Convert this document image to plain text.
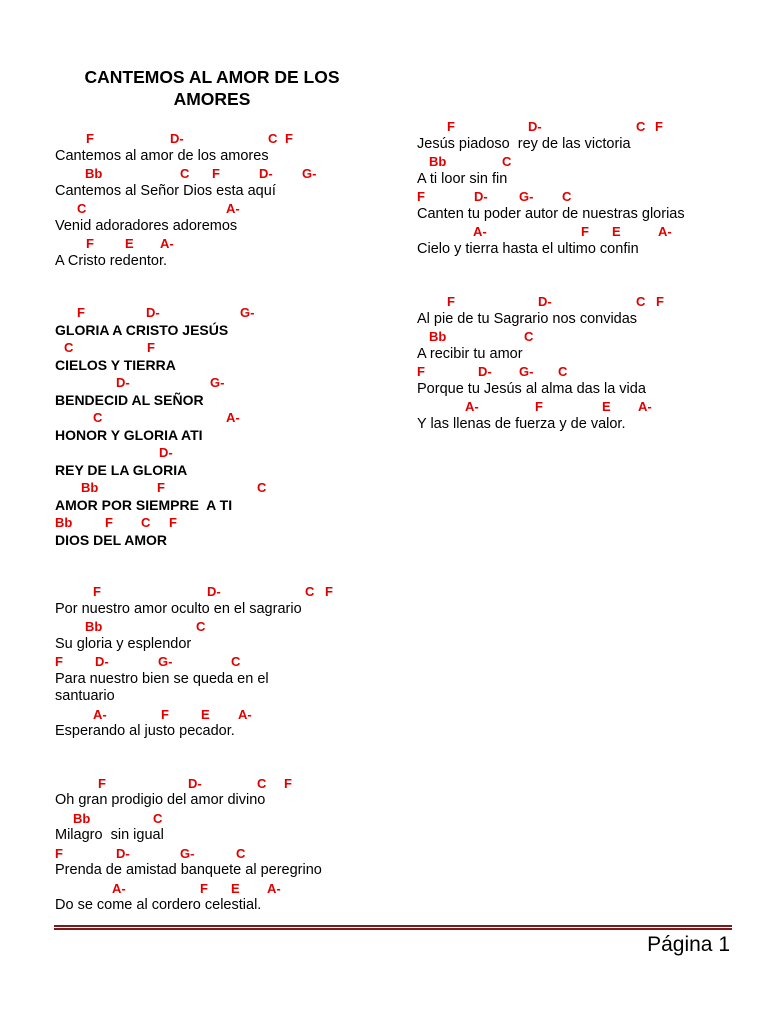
CANTEMOS AL AMOR DE LOS AMORES

F

	D-

	C

F

Cantemos al amor de los amores

Bb

	C

F

	D-

G-

Cantemos al Señor Dios esta aquí

C

	A-

Venid adoradores adoremos

F

E

A-

A Cristo redentor.

F

	D-

	G-

GLORIA A CRISTO JESÚS

C

	F

CIELOS Y TIERRA

D-

	G-

BENDECID AL SEÑOR

C

	A-

HONOR Y GLORIA ATI

D-

REY DE LA GLORIA

Bb

	F

	C

AMOR POR SIEMPRE  A TI

Bb

	F

C

F

DIOS DEL AMOR

F

	D-

	C

F

Por nuestro amor oculto en el sagrario

Bb

	C

Su gloria y esplendor

F

D-

	G-

	C

Para nuestro bien se queda en el
santuario

A-

	F

E

A-

Esperando al justo pecador.

F

	D-

	C

F

Oh gran prodigio del amor divino

Bb

	C

Milagro  sin igual

F

	D-

	G-

	C

Prenda de amistad banquete al peregrino

A-

	F

E

A-

Do se come al cordero celestial.

F

	D-

	C

F

Jesús piadoso  rey de las victoria

Bb

	C

A ti loor sin fin

F

	D-

G-

C

Canten tu poder autor de nuestras glorias

A-

	F

E

	A-

Cielo y tierra hasta el ultimo confin

F

	D-

	C

F

Al pie de tu Sagrario nos convidas

Bb

	C

A recibir tu amor

F

	D-

G-

C

Porque tu Jesús al alma das la vida

A-

	F

	E

A-

Y las llenas de fuerza y de valor.
Página 1
